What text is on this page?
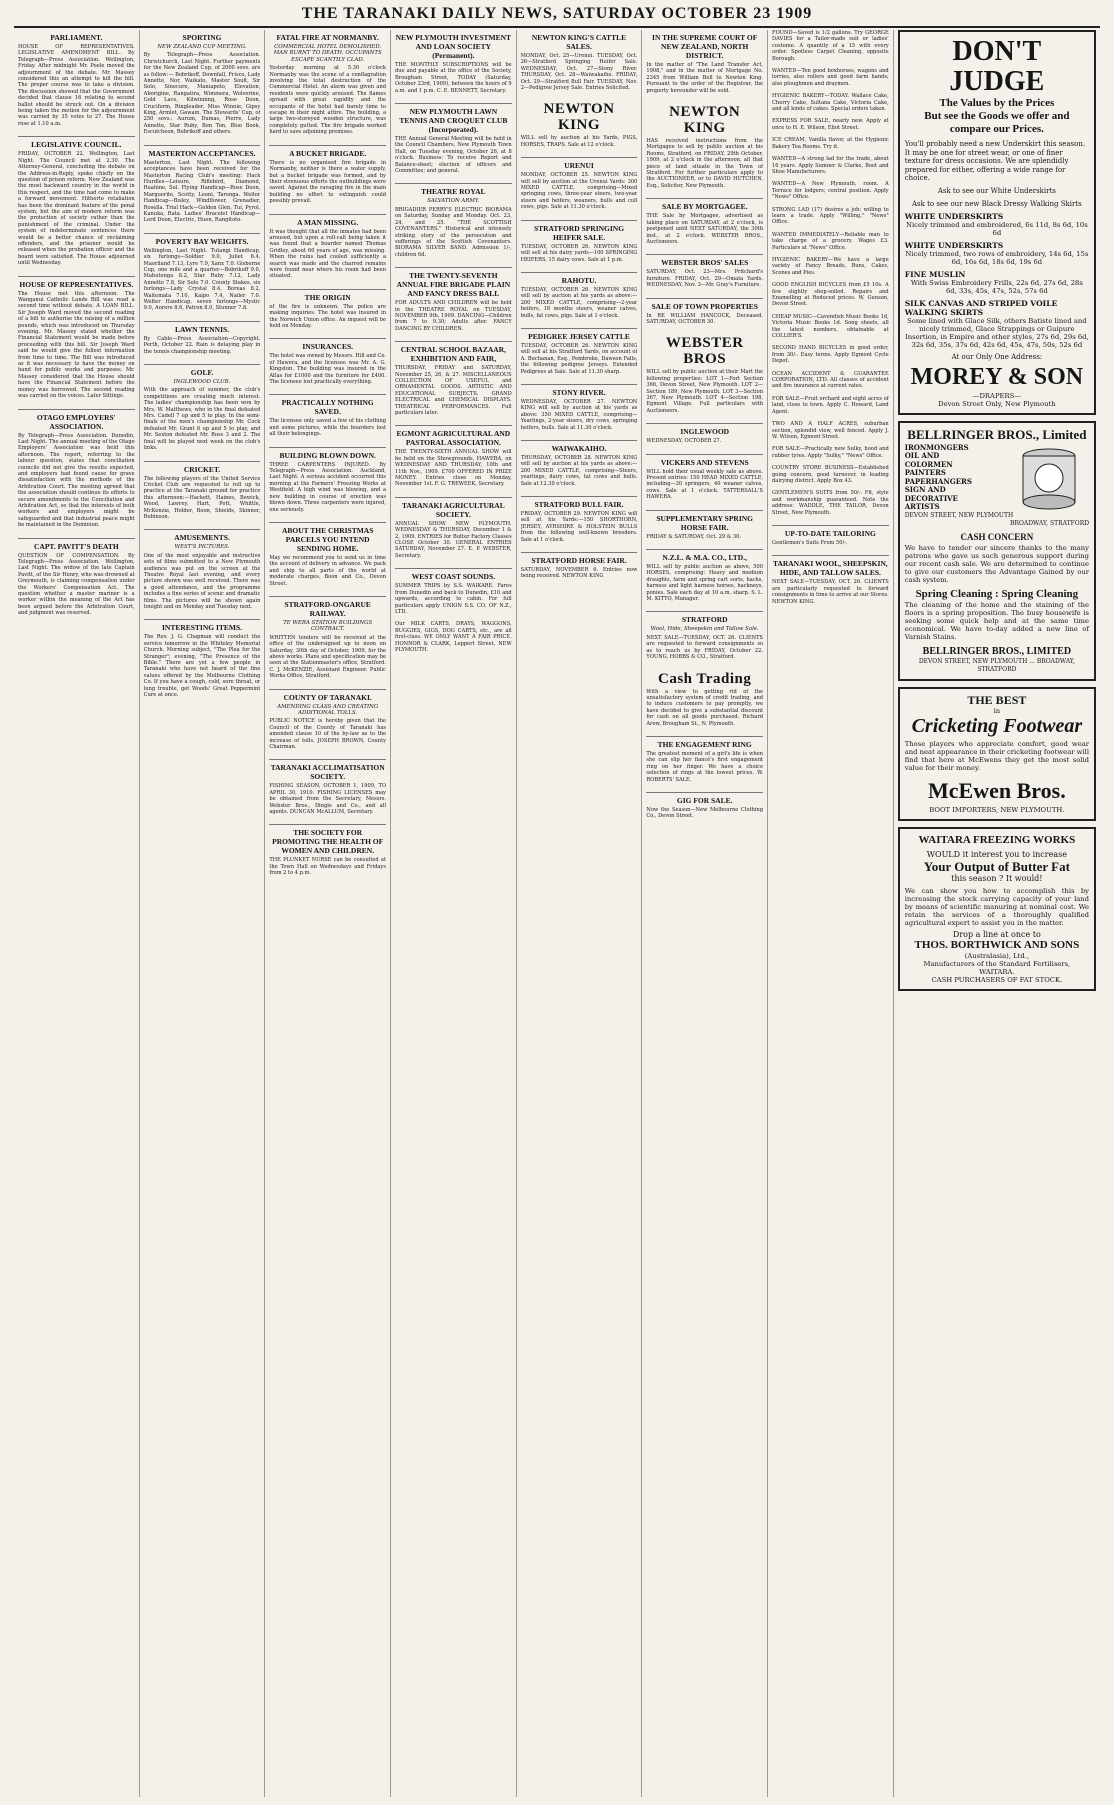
THE TARANAKI DAILY NEWS, SATURDAY OCTOBER 23 1909
PARLIAMENT.

HOUSE OF REPRESENTATIVES. LEGISLATIVE AMENDMENT BILL. By Telegraph—Press Association. Wellington, Friday. After midnight Mr. Poole moved the adjournment of the debate. Mr. Massey considered this an attempt to kill the bill. The proper course was to take a division. The discussion showed that the Government decided that clause 16 relating to second ballot should be struck out. On a division being taken the motion for the adjournment was carried by 35 votes to 27. The House rose at 1.10 a.m.

LEGISLATIVE COUNCIL.

FRIDAY, OCTOBER 22. Wellington, Last Night. The Council met at 2.30. The Attorney-General, concluding the debate on the Address-in-Reply, spoke chiefly on the question of prison reform. New Zealand was the most backward country in the world in this respect, and the time had come to make a forward movement. Hitherto retaliation has been the dominant feature of the penal system, but the aim of modern reform was the protection of society rather than the punishment of the criminal. Under the system of indeterminate sentences there would be a better chance of reclaiming offenders, and the prisoner would be released when the probation officer and the board were satisfied. The House adjourned until Wednesday.

HOUSE OF REPRESENTATIVES.

The House met this afternoon. The Wanganui Catholic Lands Bill was read a second time without debate. A LOAN BILL. Sir Joseph Ward moved the second reading of a bill to authorise the raising of a million pounds, which was introduced on Thursday evening. Mr. Massey stated whether the Financial Statement would be made before proceeding with this bill. Sir Joseph Ward said he would give the fullest information from time to time. The Bill was introduced as it was necessary to have the money on hand for public works and purposes. Mr. Massey considered that the House should have the Financial Statement before the money was borrowed. The second reading was carried on the voices. Later Sittings.

OTAGO EMPLOYERS' ASSOCIATION.

By Telegraph—Press Association. Dunedin, Last Night. The annual meeting of the Otago Employers' Association was held this afternoon. The report, referring to the labour question, states that conciliation councils did not give the results expected, and employers had found cause for grave dissatisfaction with the methods of the Arbitration Court. The meeting agreed that the association should continue its efforts to secure amendments to the Conciliation and Arbitration Act, so that the interests of both workers and employers might be safeguarded and that industrial peace might be maintained in the Dominion.

CAPT. PAVITT'S DEATH

QUESTION OF COMPENSATION. By Telegraph—Press Association. Wellington, Last Night. The widow of the late Captain Pavitt, of the Sir Henry, who was drowned at Greymouth, is claiming compensation under the Workers' Compensation Act. The question whether a master mariner is a worker within the meaning of the Act has been argued before the Arbitration Court, and judgment was reserved.

SPORTING
NEW ZEALAND CUP MEETING.

By Telegraph—Press Association. Christchurch, Last Night. Further payments for the New Zealand Cup, of 2000 sovs. are as follow:— Bobrikoff, Downfall, Frisco, Lady Annette, Nor, Waikato, Master Soult, Sir Solo, Sinecure, Maniapoto, Elevation, Aborigine, Rangatira, Wimmera, Wolverine, Gold Lace, Kilwinning, Rose Doon, Cruciform, Ringleader, Miss Winnie, Gipsy King, Armlet, Gawain. The Stewards' Cup, of 250 sovs.: Aurum, Dumas, Pierre, Lady Annette, Star Ruby, Bon Ton, Blue Book, Escutcheon, Bobrikoff and others.

MASTERTON ACCEPTANCES.

Masterton, Last Night. The following acceptances have been received for the Masterton Racing Club's meeting: Hack Hurdles—Leisure, Riflebird, Diamond, Ruahine, Sol. Flying Handicap—Rose Doon, Marguerite, Scotty, Leoni, Tarenga. Welter Handicap—Bisley, Windflower, Grenadier, Rosella. Trial Hack—Golden Glen, Tui, Pyrol, Kanuka, Rata. Ladies' Bracelet Handicap—Lord Doon, Electric, Huon, Rangitoto.

POVERTY BAY WEIGHTS.

Wellington, Last Night. Tutangi Handicap, six furlongs—Soldier 9.0, Juliet 8.4, Maoriland 7.13, Lyre 7.9, Xanx 7.0. Gisborne Cup, one mile and a quarter—Bobrikoff 9.0, Mahutonga 8.2, Star Ruby 7.12, Lady Annette 7.8, Sir Solo 7.0. County Stakes, six furlongs—Lady Crystal 8.4, Boreas 8.2, Waitemata 7.10, Kaipo 7.4, Nailer 7.0. Welter Handicap, seven furlongs—Mystic 9.0, Aorere 8.6, Patron 8.0, Stunner 7.8.

LAWN TENNIS.

By Cable—Press Association—Copyright. Perth, October 22. Rain is delaying play in the tennis championship meeting.

GOLF.
INGLEWOOD CLUB.

With the approach of summer, the club's competitions are creating much interest. The ladies' championship has been won by Mrs. W. Matthews, who in the final defeated Mrs. Cadell 7 up and 5 to play. In the semi-finals of the men's championship Mr. Cock defeated Mr. Grant 6 up and 5 to play, and Mr. Sexton defeated Mr. Ross 3 and 2. The final will be played next week on the club's links.

CRICKET.

The following players of the United Service Cricket Club are requested to roll up to practice at the Taranaki ground for practice this afternoon:—Hackett, Haines, Bewick, Wood, Lawrey, Hart, Pott, Whittle, McKenzie, Holder, Boon, Shields, Skinner, Robinson.

AMUSEMENTS.
WEST'S PICTURES.

One of the most enjoyable and instructive sets of films submitted to a New Plymouth audience was put on the screen at the Theatre Royal last evening, and every picture shown was well received. There was a good attendance, and the programme includes a fine series of scenic and dramatic films. The pictures will be shown again tonight and on Monday and Tuesday next.

INTERESTING ITEMS.

The Rev. J. G. Chapman will conduct the service tomorrow in the Whiteley Memorial Church. Morning subject, "The Plea for the Stranger"; evening, "The Presence of the Bible." There are yet a few people in Taranaki who have not heard of the fine values offered by the Melbourne Clothing Co. If you have a cough, cold, sore throat, or lung trouble, get Woods' Great Peppermint Cure at once.

FATAL FIRE AT NORMANBY.
COMMERCIAL HOTEL DEMOLISHED. MAN BURNT TO DEATH. OCCUPANTS ESCAPE SCANTILY CLAD.

Yesterday morning at 5.30 o'clock Normanby was the scene of a conflagration involving the total destruction of the Commercial Hotel. An alarm was given and residents were quickly aroused. The flames spread with great rapidity and the occupants of the hotel had barely time to escape in their night attire. The building, a large two-storeyed wooden structure, was completely gutted. The fire brigade worked hard to save adjoining premises.

A BUCKET BRIGADE.

There is no organised fire brigade in Normanby, neither is there a water supply, but a bucket brigade was formed, and by their strenuous efforts the outbuildings were saved. Against the ravaging fire in the main building no effort to extinguish could possibly prevail.

A MAN MISSING.

It was thought that all the inmates had been aroused, but upon a roll-call being taken it was found that a boarder named Thomas Gridley, about 60 years of age, was missing. When the ruins had cooled sufficiently a search was made and the charred remains were found near where his room had been situated.

THE ORIGIN

of the fire is unknown. The police are making inquiries. The hotel was insured in the Norwich Union office. An inquest will be held on Monday.

INSURANCES.

The hotel was owned by Messrs. Hill and Co. of Hawera, and the licensee was Mr. A. G. Kingston. The building was insured in the Atlas for £1000 and the furniture for £400. The licensee lost practically everything.

PRACTICALLY NOTHING SAVED.

The licensee only saved a few of his clothing and some pictures, while the boarders lost all their belongings.

BUILDING BLOWN DOWN.

THREE CARPENTERS INJURED. By Telegraph—Press Association. Auckland, Last Night. A serious accident occurred this morning at the Farmers' Freezing Works at Westfield. A high wind was blowing, and a new building in course of erection was blown down. Three carpenters were injured, one seriously.

ABOUT THE CHRISTMAS PARCELS YOU INTEND SENDING HOME.

May we recommend you to send us in time the account of delivery in advance. We pack and ship to all parts of the world at moderate charges. Boon and Co., Devon Street.

STRATFORD-ONGARUE RAILWAY.
TE WERA STATION BUILDINGS CONTRACT.

WRITTEN tenders will be received at the office of the undersigned up to noon on Saturday, 30th day of October, 1909, for the above works. Plans and specification may be seen at the Stationmaster's office, Stratford. C. J. McKENZIE, Assistant Engineer. Public Works Office, Stratford.

COUNTY OF TARANAKI.
AMENDING CLASS AND CREATING ADDITIONAL TOLLS.

PUBLIC NOTICE is hereby given that the Council of the County of Taranaki has amended clause 10 of the by-law as to the increase of tolls. JOSEPH BROWN, County Chairman.

TARANAKI ACCLIMATISATION SOCIETY.

FISHING SEASON, OCTOBER 1, 1909, TO APRIL 30, 1910. FISHING LICENSES may be obtained from the Secretary, Messrs. Webster Bros., Dingle and Co., and all agents. DUNCAN McALLUM, Secretary.

THE SOCIETY FOR PROMOTING THE HEALTH OF WOMEN AND CHILDREN.

THE PLUNKET NURSE can be consulted at the Town Hall on Wednesdays and Fridays from 2 to 4 p.m.

NEW PLYMOUTH INVESTMENT AND LOAN SOCIETY (Permanent).

THE MONTHLY SUBSCRIPTIONS will be due and payable at the office of the Society, Brougham Street, TODAY (Saturday, October 23rd, 1909), between the hours of 9 a.m. and 1 p.m. C. E. BENNETT, Secretary.

NEW PLYMOUTH LAWN TENNIS AND CROQUET CLUB (Incorporated).

THE Annual General Meeting will be held in the Council Chambers, New Plymouth Town Hall, on Tuesday evening, October 26, at 8 o'clock. Business: To receive Report and Balance-sheet; election of officers and Committee; and general.

THEATRE ROYAL
SALVATION ARMY.

BRIGADIER PERRY'S ELECTRIC BIORAMA on Saturday, Sunday and Monday. Oct. 23, 24, and 25. "THE SCOTTISH COVENANTERS." Historical and intensely striking story of the persecution and sufferings of the Scottish Covenanters. BIORAMA SILVER BAND. Admission 1/-, children 6d.

THE TWENTY-SEVENTH ANNUAL FIRE BRIGADE PLAIN AND FANCY DRESS BALL

FOR ADULTS AND CHILDREN will be held in the THEATRE ROYAL on TUESDAY, NOVEMBER 9th, 1909. DANCING—Children from 7 to 9.30; Adults after. FANCY DANCING BY CHILDREN.

CENTRAL SCHOOL BAZAAR, EXHIBITION AND FAIR,

THURSDAY, FRIDAY and SATURDAY, November 25, 26, & 27. MISCELLANEOUS COLLECTION OF USEFUL and ORNAMENTAL GOODS. ARTISTIC AND EDUCATIONAL SUBJECTS. GRAND ELECTRICAL and CHEMICAL DISPLAYS. THEATRICAL PERFORMANCES. Full particulars later.

EGMONT AGRICULTURAL AND PASTORAL ASSOCIATION.

THE TWENTY-SIXTH ANNUAL SHOW will be held on the Showgrounds, HAWERA, on WEDNESDAY AND THURSDAY, 10th and 11th Nov., 1909. £700 OFFERED IN PRIZE MONEY. Entries close on Monday, November 1st. F. G. TREWEEK, Secretary.

TARANAKI AGRICULTURAL SOCIETY.

ANNUAL SHOW NEW PLYMOUTH. WEDNESDAY & THURSDAY, December 1 & 2, 1909. ENTRIES for Butter Factory Classes CLOSE October 30. GENERAL ENTRIES SATURDAY, November 27. E. P. WEBSTER, Secretary.

WEST COAST SOUNDS.

SUMMER TRIPS by S.S. WAIKARE. Fares from Dunedin and back to Dunedin, £10 and upwards, according to cabin. For full particulars apply UNION S.S. CO. OF N.Z., LTD.

Our MILK CARTS, DRAYS, WAGGONS, BUGGIES, GIGS, DOG CARTS, etc., are all first-class. WE ONLY WANT A FAIR PRICE. HONNOR & CLARK, Leppert Street, NEW PLYMOUTH.

NEWTON KING'S CATTLE SALES.

MONDAY, Oct. 25—Urenui. TUESDAY, Oct. 26—Stratford Springing Heifer Sale. WEDNESDAY, Oct. 27—Stony River. THURSDAY, Oct. 28—Waiwakaiho. FRIDAY, Oct. 29—Stratford Bull Fair. TUESDAY, Nov. 2—Pedigree Jersey Sale. Entries Solicited.

NEWTON KING

WILL sell by auction at his Yards, PIGS, HORSES, TRAPS. Sale at 12 o'clock.

URENUI

MONDAY, OCTOBER 25. NEWTON KING will sell by auction at the Urenui Yards: 300 MIXED CATTLE, comprising—Mixed springing cows, three-year steers, two-year steers and heifers, weaners, bulls and cull cows, pigs. Sale at 11.30 o'clock.

STRATFORD SPRINGING HEIFER SALE.

TUESDAY, OCTOBER 26. NEWTON KING will sell at his dairy yards—100 SPRINGING HEIFERS, 15 dairy cows. Sale at 1 p.m.

RAHOTU.

TUESDAY, OCTOBER 26. NEWTON KING will sell by auction at his yards as above:—200 MIXED CATTLE, comprising—2-year heifers, 18 months steers, weaner calves, bulls, fat cows, pigs. Sale at 1 o'clock.

PEDIGREE JERSEY CATTLE

TUESDAY, OCTOBER 26. NEWTON KING will sell at his Stratford Yards, on account of A. Buchanan, Esq., Pembroke, Dawson Falls, the following pedigree Jerseys. Extended Pedigrees at Sale. Sale at 11.30 sharp.

STONY RIVER.

WEDNESDAY, OCTOBER 27. NEWTON KING will sell by auction at his yards as above: 350 MIXED CATTLE, comprising—Yearlings, 2-year steers, dry cows, springing heifers, bulls. Sale at 11.30 o'clock.

WAIWAKAIHO.

THURSDAY, OCTOBER 28. NEWTON KING will sell by auction at his yards as above:—200 MIXED CATTLE, comprising—Steers, yearlings, dairy cows, fat cows and bulls. Sale at 12.30 o'clock.

STRATFORD BULL FAIR.

FRIDAY, OCTOBER 29. NEWTON KING will sell at his Yards:—150 SHORTHORN, JERSEY, AYRSHIRE & HOLSTEIN BULLS from the following well-known breeders. Sale at 1 o'clock.

STRATFORD HORSE FAIR.

SATURDAY, NOVEMBER 6. Entries now being received. NEWTON KING

IN THE SUPREME COURT OF NEW ZEALAND, NORTH DISTRICT.

In the matter of "The Land Transfer Act, 1908," and in the matter of Mortgage No. 2345 from William Bell to Newton King. Pursuant to the order of the Registrar, the property hereunder will be sold.

NEWTON KING

HAS received instructions from the Mortgagee to sell by public auction at his Rooms, Stratford, on FRIDAY, 29th October, 1909, at 2 o'clock in the afternoon, all that piece of land situate in the Town of Stratford. For further particulars apply to the AUCTIONEER, or to DAVID HUTCHEN, Esq., Solicitor, New Plymouth.

SALE BY MORTGAGEE.

THE Sale by Mortgagee, advertised as taking place on SATURDAY, at 2 o'clock, is postponed until NEXT SATURDAY, the 30th inst., at 2 o'clock. WEBSTER BROS., Auctioneers.

WEBSTER BROS' SALES

SATURDAY, Oct. 23—Mrs. Pritchard's furniture. FRIDAY, Oct. 29—Omata Yards. WEDNESDAY, Nov. 3—Mr. Gray's Furniture.

SALE OF TOWN PROPERTIES

In RE WILLIAM HANCOCK, Deceased. SATURDAY, OCTOBER 30.

WEBSTER BROS

WILL sell by public auction at their Mart the following properties: LOT 1—Fort Section 366, Devon Street, New Plymouth. LOT 2—Section 189, New Plymouth. LOT 3—Section 367, New Plymouth. LOT 4—Section 198, Egmont Village. Full particulars with Auctioneers.

INGLEWOOD

WEDNESDAY, OCTOBER 27.

VICKERS AND STEVENS

WILL hold their usual weekly sale as above. Present entries: 150 HEAD MIXED CATTLE, including—30 springers, 40 weaner calves, cows. Sale at 1 o'clock. TATTERSALL'S HAWERA.

SUPPLEMENTARY SPRING HORSE FAIR.

FRIDAY & SATURDAY, Oct. 29 & 30.

N.Z.L. & M.A. CO., LTD.,

WILL sell by public auction as above, 500 HORSES, comprising: Heavy and medium draughts, farm and spring cart sorts, hacks, harness and light harness horses, hackneys, ponies. Sale each day at 10 a.m. sharp. S. L. M. KITTO, Manager.

STRATFORD
Wool, Hide, Sheepskin and Tallow Sale.

NEXT SALE—TUESDAY, OCT. 26. CLIENTS are requested to forward consignments so as to reach us by FRIDAY, October 22. YOUNG, HOBBS & CO., Stratford.

Cash Trading

With a view to getting rid of the unsatisfactory system of credit trading, and to induce customers to pay promptly, we have decided to give a substantial discount for cash on all goods purchased. Richard Arow, Brougham St., N. Plymouth.

THE ENGAGEMENT RING

The greatest moment of a girl's life is when she can slip her fiancé's first engagement ring on her finger. We have a choice selection of rings at the lowest prices. W. ROBERTS' SALE.

GIG FOR SALE.

Now the Season—New Melbourne Clothing Co., Devon Street.

FOUND—Saved is 1/2 gallons. Try GEORGE DAVIES for a Tailor-made suit or ladies' costume. A quantity of a 15 with every order. Spotless Carpet Cleaning, opposite Borough.

WANTED—Ten good boxhorses, wagons and lorries, also rollers and good farm hands; also ploughmen and draymen.

HYGIENIC BAKERY—TODAY. Wallace Cake, Cherry Cake, Sultana Cake, Victoria Cake, and all kinds of cakes. Special orders taken.

EXPRESS FOR SALE, nearly new. Apply at once to H. E. Wilson, Eliot Street.

ICE CREAM, Vanilla flavor, at the Hygienic Bakery Tea Rooms. Try it.

WANTED—A strong lad for the trade, about 16 years. Apply Sumner & Clarke, Boot and Shoe Manufacturers.

WANTED—A New Plymouth, room. A Terrace for lodgers; central position. Apply "News" Office.

STRONG LAD (17) desires a job; willing to learn a trade. Apply "Willing," "News" Office.

WANTED IMMEDIATELY—Reliable man to take charge of a grocery. Wages £3. Particulars at "News" Office.

HYGIENIC BAKERY—We have a large variety of Fancy Breads, Buns, Cakes, Scones and Pies.

GOOD ENGLISH BICYCLES from £5 10s. A few slightly shop-soiled. Repairs and Enamelling at Reduced prices. W. Gunson, Devon Street.

CHEAP MUSIC—Cavendish Music Books 1d, Victoria Music Books 1d. Song sheets, all the latest numbers, obtainable at COLLIER'S.

SECOND HAND BICYCLES in good order, from 30/-. Easy terms. Apply Egmont Cycle Depot.

OCEAN ACCIDENT & GUARANTEE CORPORATION, LTD. All classes of accident and fire insurance at current rates.

FOR SALE—Fruit orchard and eight acres of land, close to town. Apply C. Howard, Land Agent.

TWO AND A HALF ACRES, suburban section, splendid view, well fenced. Apply J. W. Wilson, Egmont Street.

FOR SALE—Practically new Sulky, hood and rubber tyres. Apply "Sulky," "News" Office.

COUNTRY STORE BUSINESS—Established going concern, good turnover, in leading dairying district. Apply Box 43.

GENTLEMEN'S SUITS from 50/-. Fit, style and workmanship guaranteed. Note the address: WADDLE, THE TAILOR, Devon Street, New Plymouth.

UP-TO-DATE TAILORING

Gentlemen's Suits From 50/-.

TARANAKI WOOL, SHEEPSKIN, HIDE, AND TALLOW SALES.

NEXT SALE—TUESDAY, OCT. 26. CLIENTS are particularly requested to forward consignments in time to arrive at our Stores. NEWTON KING.

DON'T JUDGE
The Values by the Prices
But see the Goods we offer and compare our Prices.
You'll probably need a new Underskirt this season. It may be one for street wear, or one of finer texture for dress occasions. We are splendidly prepared for either, offering a wide range for choice.
Ask to see our White Underskirts
Ask to see our new Black Dressy Walking Skirts
WHITE UNDERSKIRTS
Nicely trimmed and embroidered, 6s 11d, 8s 6d, 10s 6d
WHITE UNDERSKIRTS
Nicely trimmed, two rows of embroidery, 14s 6d, 15s 6d, 16s 6d, 18s 6d, 19s 6d
FINE MUSLIN
With Swiss Embroidery Frills, 22s 6d, 27s 6d, 28s 6d, 33s, 45s, 47s, 52s, 57s 6d
SILK CANVAS AND STRIPED VOILE WALKING SKIRTS
Some lined with Glace Silk, others Batiste lined and nicely trimmed, Glace Strappings or Guipure Insertion, in Empire and other styles, 27s 6d, 29s 6d, 32s 6d, 35s, 37s 6d, 42s 6d, 45s, 47s, 50s, 52s 6d
At our Only One Address:
MOREY & SON
—DRAPERS—
Devon Street Only, New Plymouth
BELLRINGER BROS., Limited
IRONMONGERS
OIL AND
COLORMEN
PAINTERS
PAPERHANGERS
SIGN AND
DECORATIVE
ARTISTS
DEVON STREET, NEW PLYMOUTH
BROADWAY, STRATFORD
CASH CONCERN
We have to tender our sincere thanks to the many patrons who gave us such generous support during our recent cash sale. We are determined to continue to give our customers the Advantage Gained by our cash system.
Spring Cleaning : Spring Cleaning
The cleaning of the home and the staining of the floors is a spring proposition. The busy housewife is seeking some quick help and at the same time economical. We have to-day added a new line of Varnish Stains.
BELLRINGER BROS., LIMITED
DEVON STREET, NEW PLYMOUTH ... BROADWAY, STRATFORD
THE BEST
in
Cricketing Footwear
Those players who appreciate comfort, good wear and neat appearance in their cricketing footwear will find that here at McEwens they get the most solid value for their money.
McEwen Bros.
BOOT IMPORTERS, NEW PLYMOUTH.
WAITARA FREEZING WORKS
WOULD it interest you to increase
Your Output of Butter Fat
this season ? It would!
We can show you how to accomplish this by increasing the stock carrying capacity of your land by means of scientific manuring at nominal cost. We retain the services of a thoroughly qualified agricultural expert to assist you in the matter.
Drop a line at once to
THOS. BORTHWICK AND SONS
(Australasia), Ltd.,
Manufacturers of the Standard Fertilisers, WAITARA.
CASH PURCHASERS OF FAT STOCK.
